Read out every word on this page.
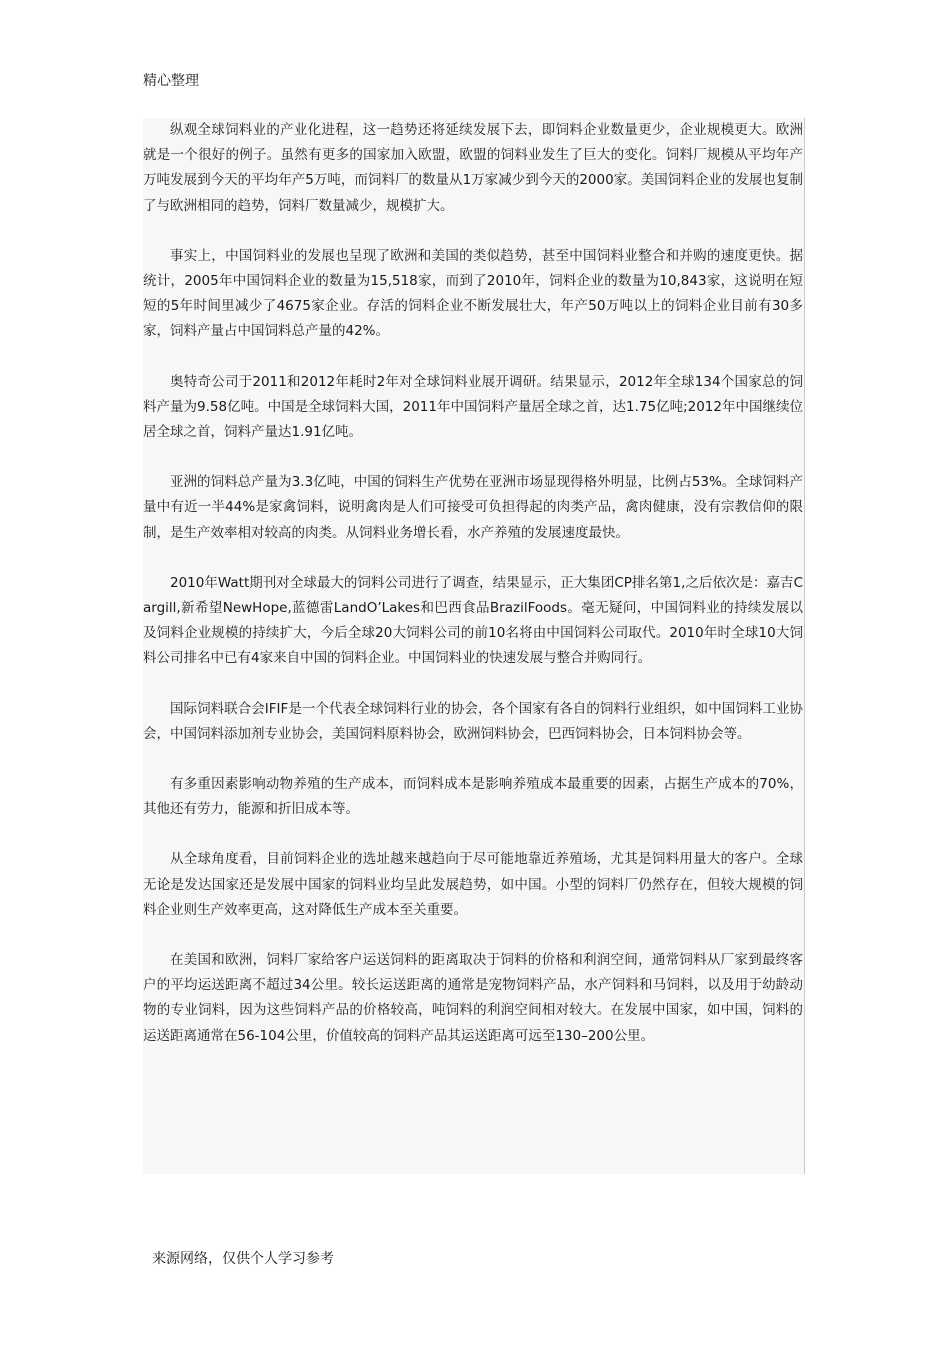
精心整理

纵观全球饲料业的产业化进程，这一趋势还将延续发展下去，即饲料企业数量更少，企业规模更大。欧洲就是一个很好的例子。虽然有更多的国家加入欧盟，欧盟的饲料业发生了巨大的变化。饲料厂规模从平均年产万吨发展到今天的平均年产5万吨，而饲料厂的数量从1万家减少到今天的2000家。美国饲料企业的发展也复制了与欧洲相同的趋势，饲料厂数量减少，规模扩大。

事实上，中国饲料业的发展也呈现了欧洲和美国的类似趋势，甚至中国饲料业整合和并购的速度更快。据统计，2005年中国饲料企业的数量为15,518家，而到了2010年，饲料企业的数量为10,843家，这说明在短短的5年时间里减少了4675家企业。存活的饲料企业不断发展壮大，年产50万吨以上的饲料企业目前有30多家，饲料产量占中国饲料总产量的42%。

奥特奇公司于2011和2012年耗时2年对全球饲料业展开调研。结果显示，2012年全球134个国家总的饲料产量为9.58亿吨。中国是全球饲料大国，2011年中国饲料产量居全球之首，达1.75亿吨;2012年中国继续位居全球之首，饲料产量达1.91亿吨。

亚洲的饲料总产量为3.3亿吨，中国的饲料生产优势在亚洲市场显现得格外明显，比例占53%。全球饲料产量中有近一半44%是家禽饲料，说明禽肉是人们可接受可负担得起的肉类产品，禽肉健康，没有宗教信仰的限制，是生产效率相对较高的肉类。从饲料业务增长看，水产养殖的发展速度最快。

2010年Watt期刊对全球最大的饲料公司进行了调查，结果显示，正大集团CP排名第1,之后依次是：嘉吉Cargill,新希望NewHope,蓝德雷LandO’Lakes和巴西食品BrazilFoods。毫无疑问，中国饲料业的持续发展以及饲料企业规模的持续扩大，今后全球20大饲料公司的前10名将由中国饲料公司取代。2010年时全球10大饲料公司排名中已有4家来自中国的饲料企业。中国饲料业的快速发展与整合并购同行。

国际饲料联合会IFIF是一个代表全球饲料行业的协会，各个国家有各自的饲料行业组织，如中国饲料工业协会，中国饲料添加剂专业协会，美国饲料原料协会，欧洲饲料协会，巴西饲料协会，日本饲料协会等。

有多重因素影响动物养殖的生产成本，而饲料成本是影响养殖成本最重要的因素，占据生产成本的70%，其他还有劳力，能源和折旧成本等。

从全球角度看，目前饲料企业的选址越来越趋向于尽可能地靠近养殖场，尤其是饲料用量大的客户。全球无论是发达国家还是发展中国家的饲料业均呈此发展趋势，如中国。小型的饲料厂仍然存在，但较大规模的饲料企业则生产效率更高，这对降低生产成本至关重要。

在美国和欧洲，饲料厂家给客户运送饲料的距离取决于饲料的价格和利润空间，通常饲料从厂家到最终客户的平均运送距离不超过34公里。较长运送距离的通常是宠物饲料产品，水产饲料和马饲料，以及用于幼龄动物的专业饲料，因为这些饲料产品的价格较高，吨饲料的利润空间相对较大。在发展中国家，如中国，饲料的运送距离通常在56-104公里，价值较高的饲料产品其运送距离可远至130–200公里。

来源网络，仅供个人学习参考
